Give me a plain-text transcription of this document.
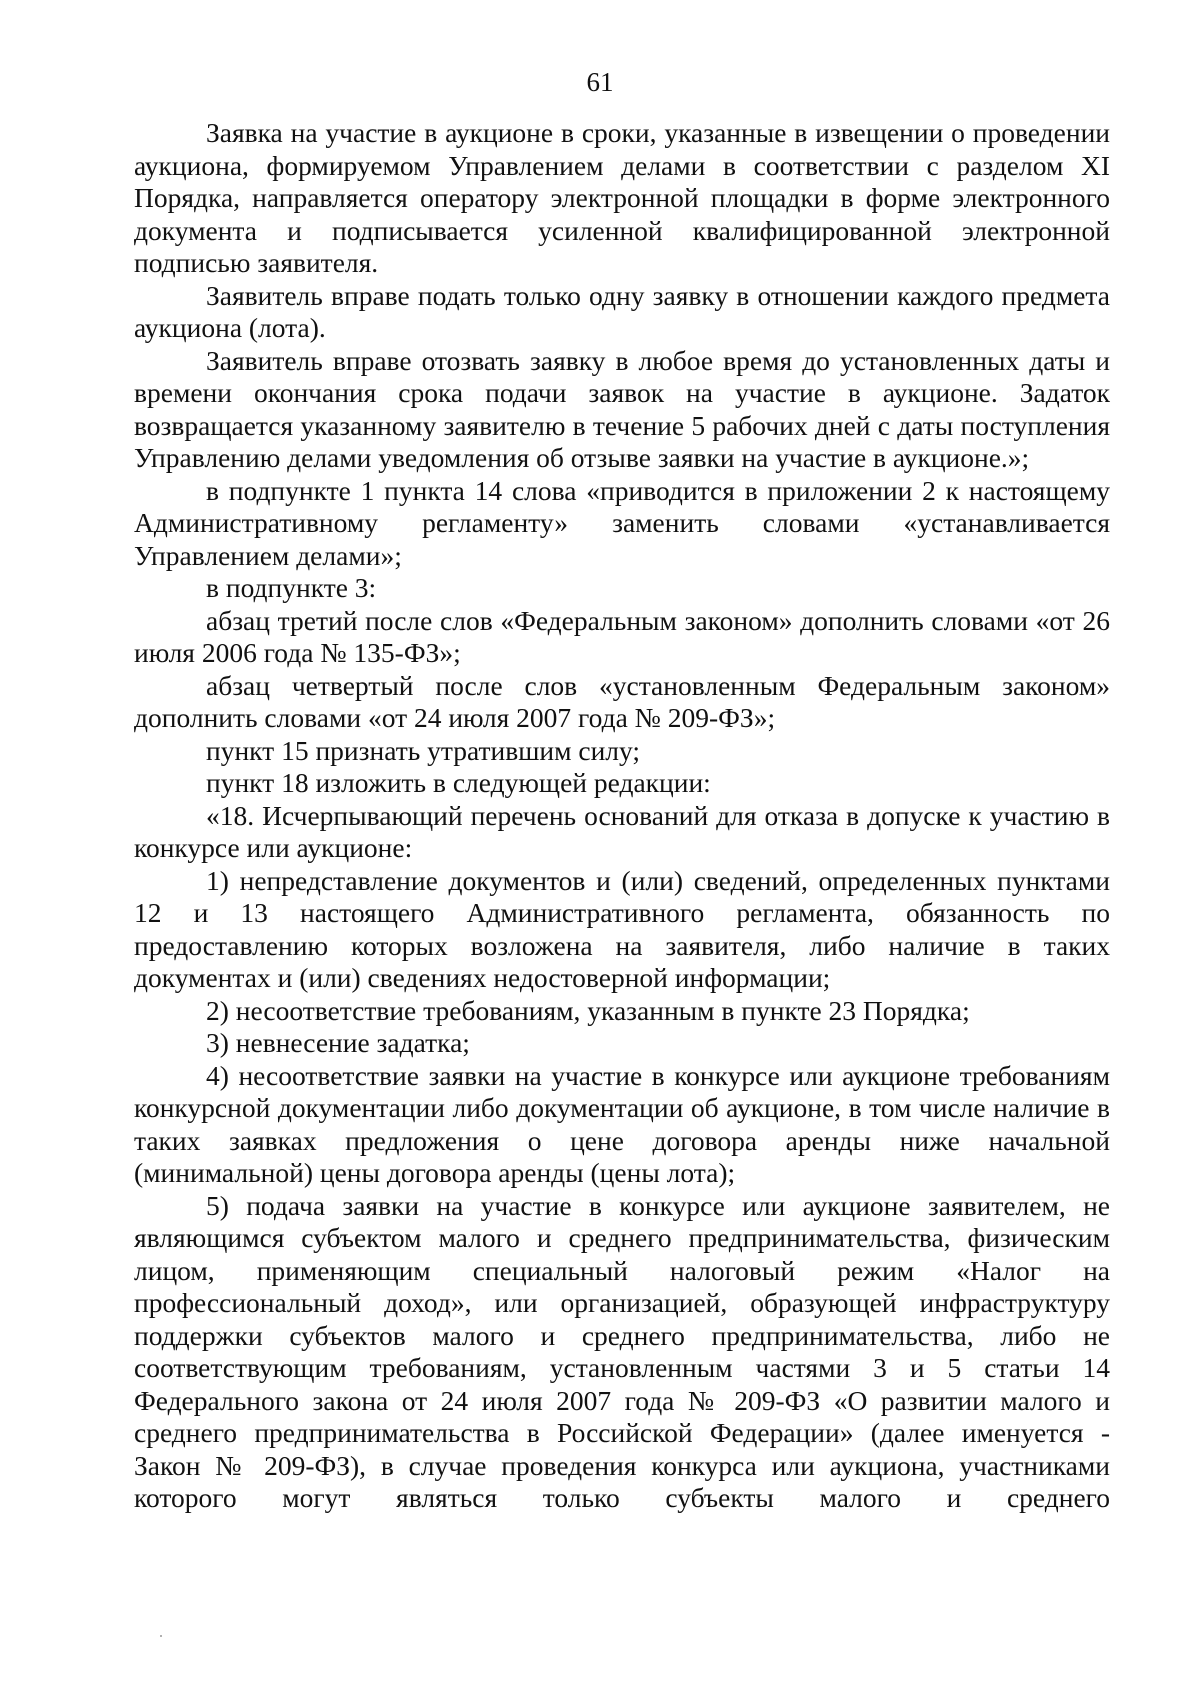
61

Заявка на участие в аукционе в сроки, указанные в извещении о проведении аукциона, формируемом Управлением делами в соответствии с разделом XI Порядка, направляется оператору электронной площадки в форме электронного документа и подписывается усиленной квалифицированной электронной подписью заявителя.

Заявитель вправе подать только одну заявку в отношении каждого предмета аукциона (лота).

Заявитель вправе отозвать заявку в любое время до установленных даты и времени окончания срока подачи заявок на участие в аукционе. Задаток возвращается указанному заявителю в течение 5 рабочих дней с даты поступления Управлению делами уведомления об отзыве заявки на участие в аукционе.»;

в подпункте 1 пункта 14 слова «приводится в приложении 2 к настоящему Административному регламенту» заменить словами «устанавливается Управлением делами»;

в подпункте 3:

абзац третий после слов «Федеральным законом» дополнить словами «от 26 июля 2006 года № 135-ФЗ»;

абзац четвертый после слов «установленным Федеральным законом» дополнить словами «от 24 июля 2007 года № 209-ФЗ»;

пункт 15 признать утратившим силу;

пункт 18 изложить в следующей редакции:

«18. Исчерпывающий перечень оснований для отказа в допуске к участию в конкурсе или аукционе:

1) непредставление документов и (или) сведений, определенных пунктами 12 и 13 настоящего Административного регламента, обязанность по предоставлению которых возложена на заявителя, либо наличие в таких документах и (или) сведениях недостоверной информации;

2) несоответствие требованиям, указанным в пункте 23 Порядка;

3) невнесение задатка;

4) несоответствие заявки на участие в конкурсе или аукционе требованиям конкурсной документации либо документации об аукционе, в том числе наличие в таких заявках предложения о цене договора аренды ниже начальной (минимальной) цены договора аренды (цены лота);

5) подача заявки на участие в конкурсе или аукционе заявителем, не являющимся субъектом малого и среднего предпринимательства, физическим лицом, применяющим специальный налоговый режим «Налог на профессиональный доход», или организацией, образующей инфраструктуру поддержки субъектов малого и среднего предпринимательства, либо не соответствующим требованиям, установленным частями 3 и 5 статьи 14 Федерального закона от 24 июля 2007 года № 209-ФЗ «О развитии малого и среднего предпринимательства в Российской Федерации» (далее именуется - Закон № 209-ФЗ), в случае проведения конкурса или аукциона, участниками которого могут являться только субъекты малого и среднего
